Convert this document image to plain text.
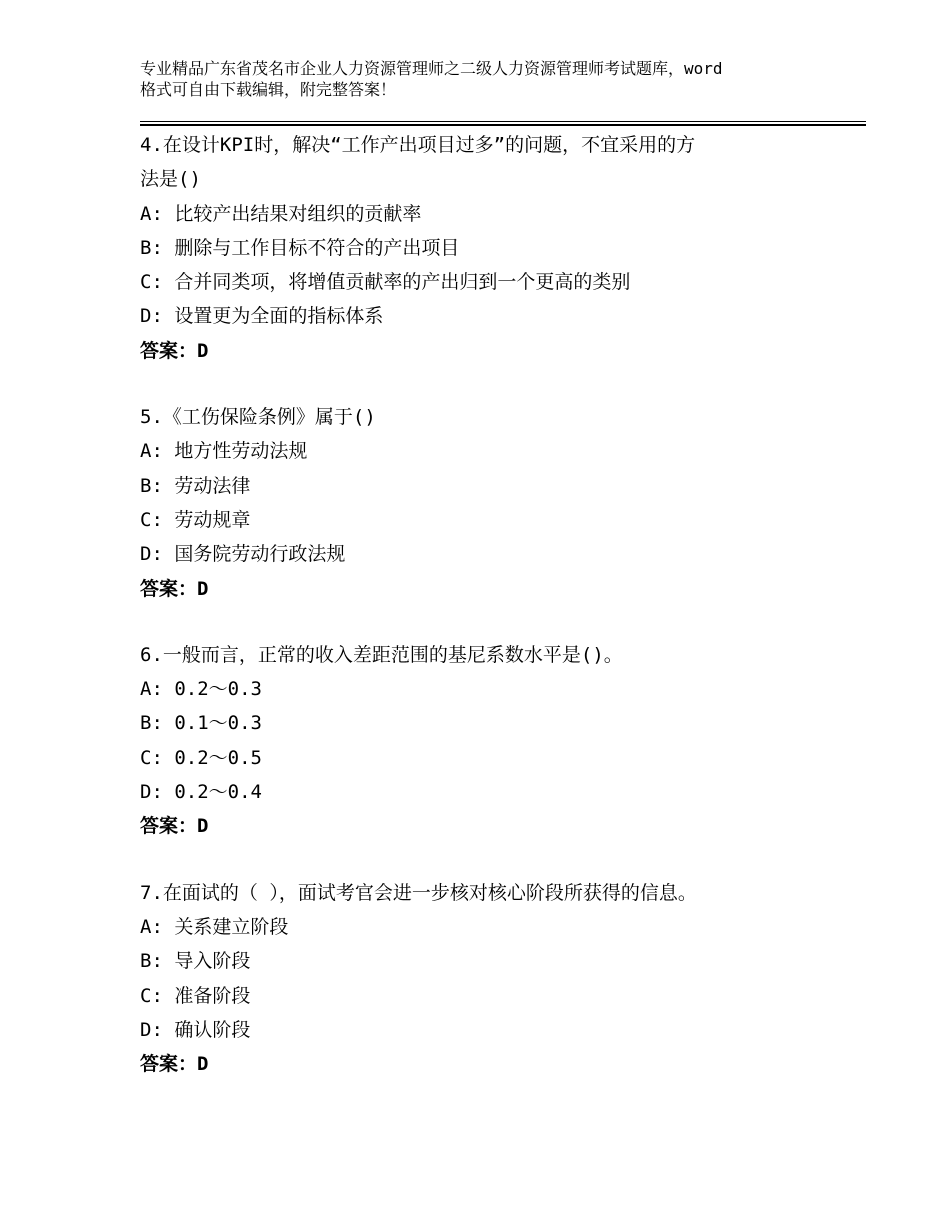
专业精品广东省茂名市企业人力资源管理师之二级人力资源管理师考试题库，word
格式可自由下载编辑，附完整答案！
4.在设计KPI时，解决“工作产出项目过多”的问题，不宜采用的方
法是()
A: 比较产出结果对组织的贡献率
B: 删除与工作目标不符合的产出项目
C: 合并同类项，将增值贡献率的产出归到一个更高的类别
D: 设置更为全面的指标体系
答案：D
5.《工伤保险条例》属于()
A: 地方性劳动法规
B: 劳动法律
C: 劳动规章
D: 国务院劳动行政法规
答案：D
6.一般而言，正常的收入差距范围的基尼系数水平是()。
A: 0.2～0.3
B: 0.1～0.3
C: 0.2～0.5
D: 0.2～0.4
答案：D
7.在面试的（ ），面试考官会进一步核对核心阶段所获得的信息。
A: 关系建立阶段
B: 导入阶段
C: 准备阶段
D: 确认阶段
答案：D
